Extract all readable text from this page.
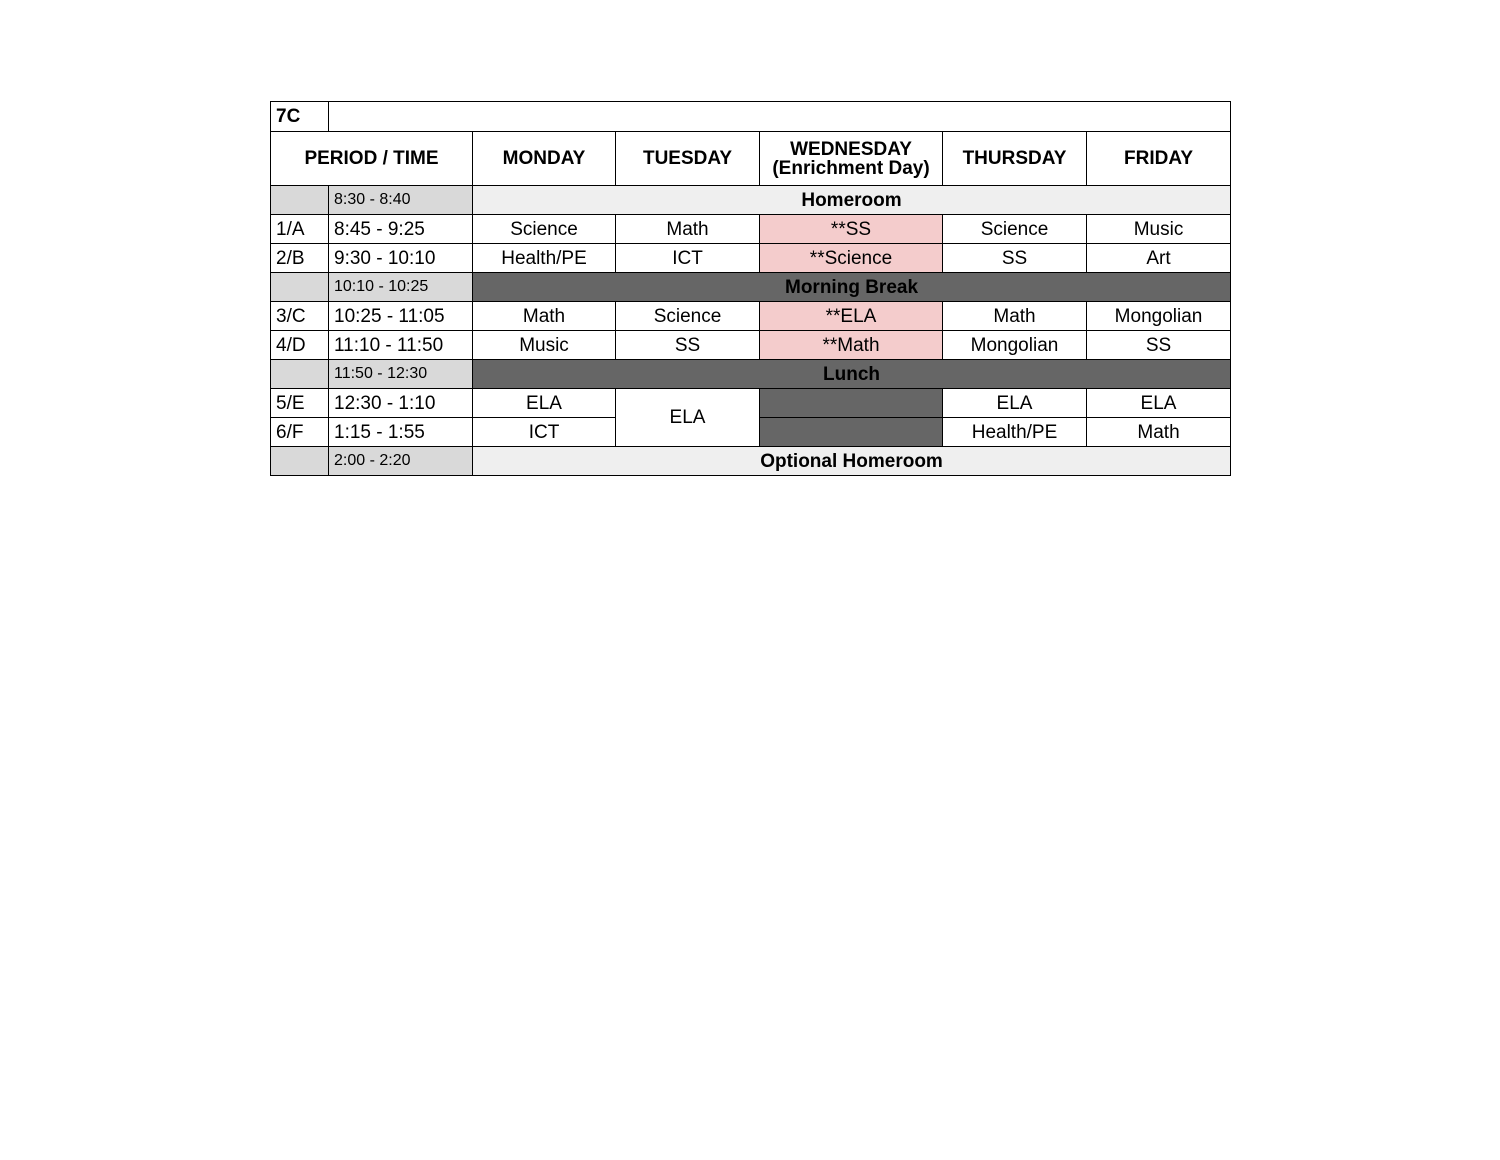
7C						
PERIOD / TIME		MONDAY	TUESDAY	WEDNESDAY
(Enrichment Day)	THURSDAY	FRIDAY
	8:30 - 8:40	Homeroom				
1/A	8:45 - 9:25	Science	Math	**SS	Science	Music
2/B	9:30 - 10:10	Health/PE	ICT	**Science	SS	Art
	10:10 - 10:25	Morning Break				
3/C	10:25 - 11:05	Math	Science	**ELA	Math	Mongolian
4/D	11:10 - 11:50	Music	SS	**Math	Mongolian	SS
	11:50 - 12:30	Lunch				
5/E	12:30 - 1:10	ELA	ELA		ELA	ELA
6/F	1:15 - 1:55	ICT			Health/PE	Math
	2:00 - 2:20	Optional Homeroom				
